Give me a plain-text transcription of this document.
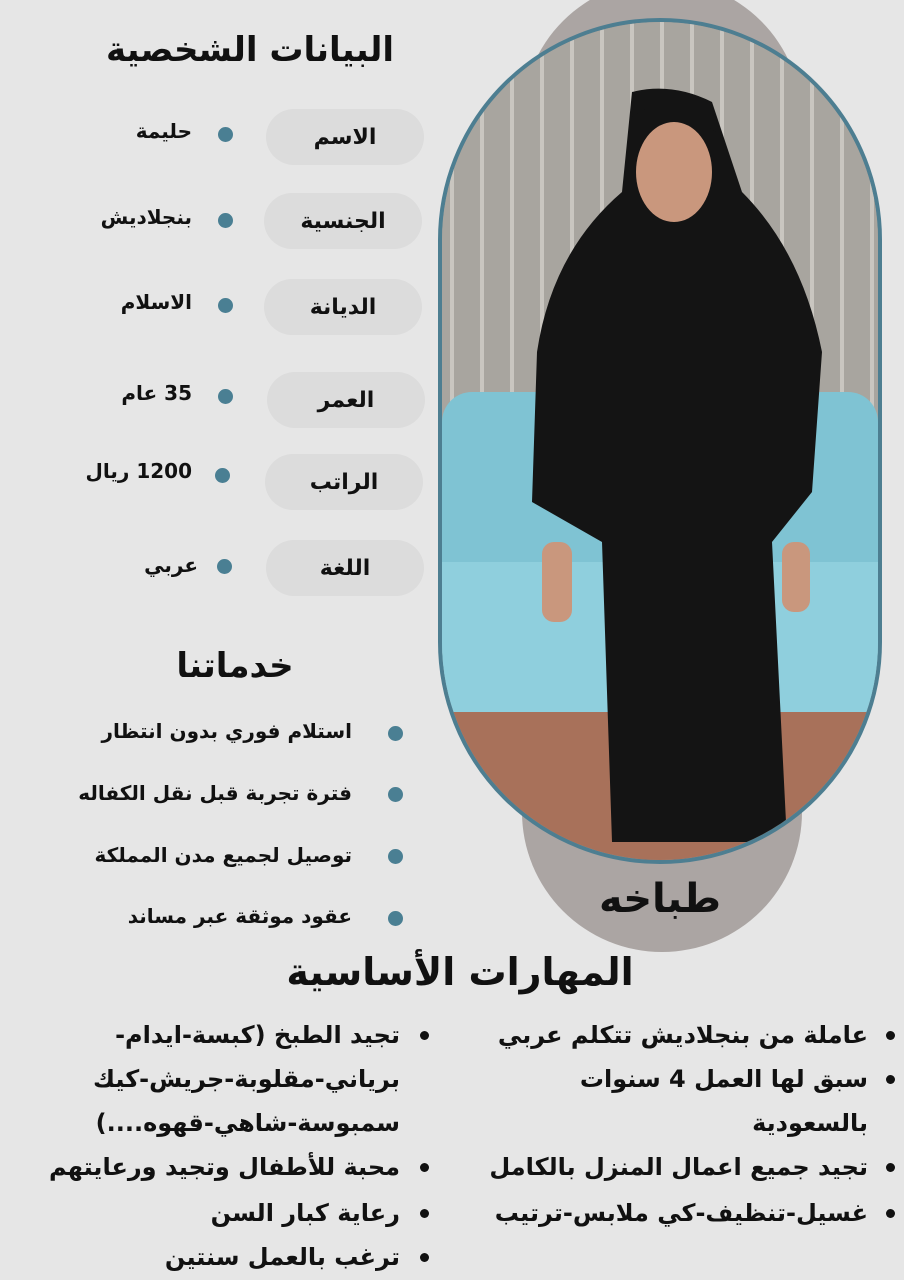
طباخه
البيانات الشخصية
الاسم
حليمة
الجنسية
بنجلاديش
الديانة
الاسلام
العمر
35 عام
الراتب
1200 ريال
اللغة
عربي
خدماتنا
استلام فوري بدون انتظار
فترة تجربة قبل نقل الكفاله
توصيل لجميع مدن المملكة
عقود موثقة عبر مساند
المهارات الأساسية
عاملة من بنجلاديش تتكلم عربي
سبق لها العمل 4 سنوات
بالسعودية
تجيد جميع اعمال المنزل بالكامل
غسيل-تنظيف-كي ملابس-ترتيب
تجيد الطبخ (كبسة-ايدام-
برياني-مقلوبة-جريش-كيك
سمبوسة-شاهي-قهوه....)
محبة للأطفال وتجيد ورعايتهم
رعاية كبار السن
ترغب بالعمل سنتين
